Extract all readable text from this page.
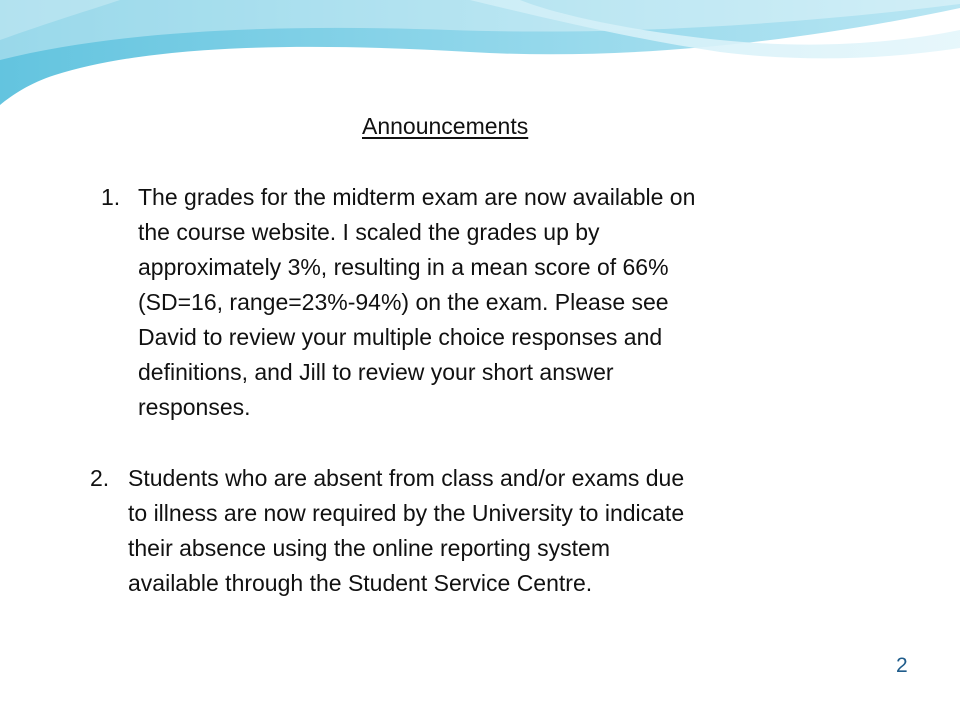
Announcements
1. The grades for the midterm exam are now available on
the course website. I scaled the grades up by
approximately 3%, resulting in a mean score of 66%
(SD=16, range=23%-94%) on the exam. Please see
David to review your multiple choice responses and
definitions, and Jill to review your short answer
responses.
2. Students who are absent from class and/or exams due
to illness are now required by the University to indicate
their absence using the online reporting system
available through the Student Service Centre.
2
